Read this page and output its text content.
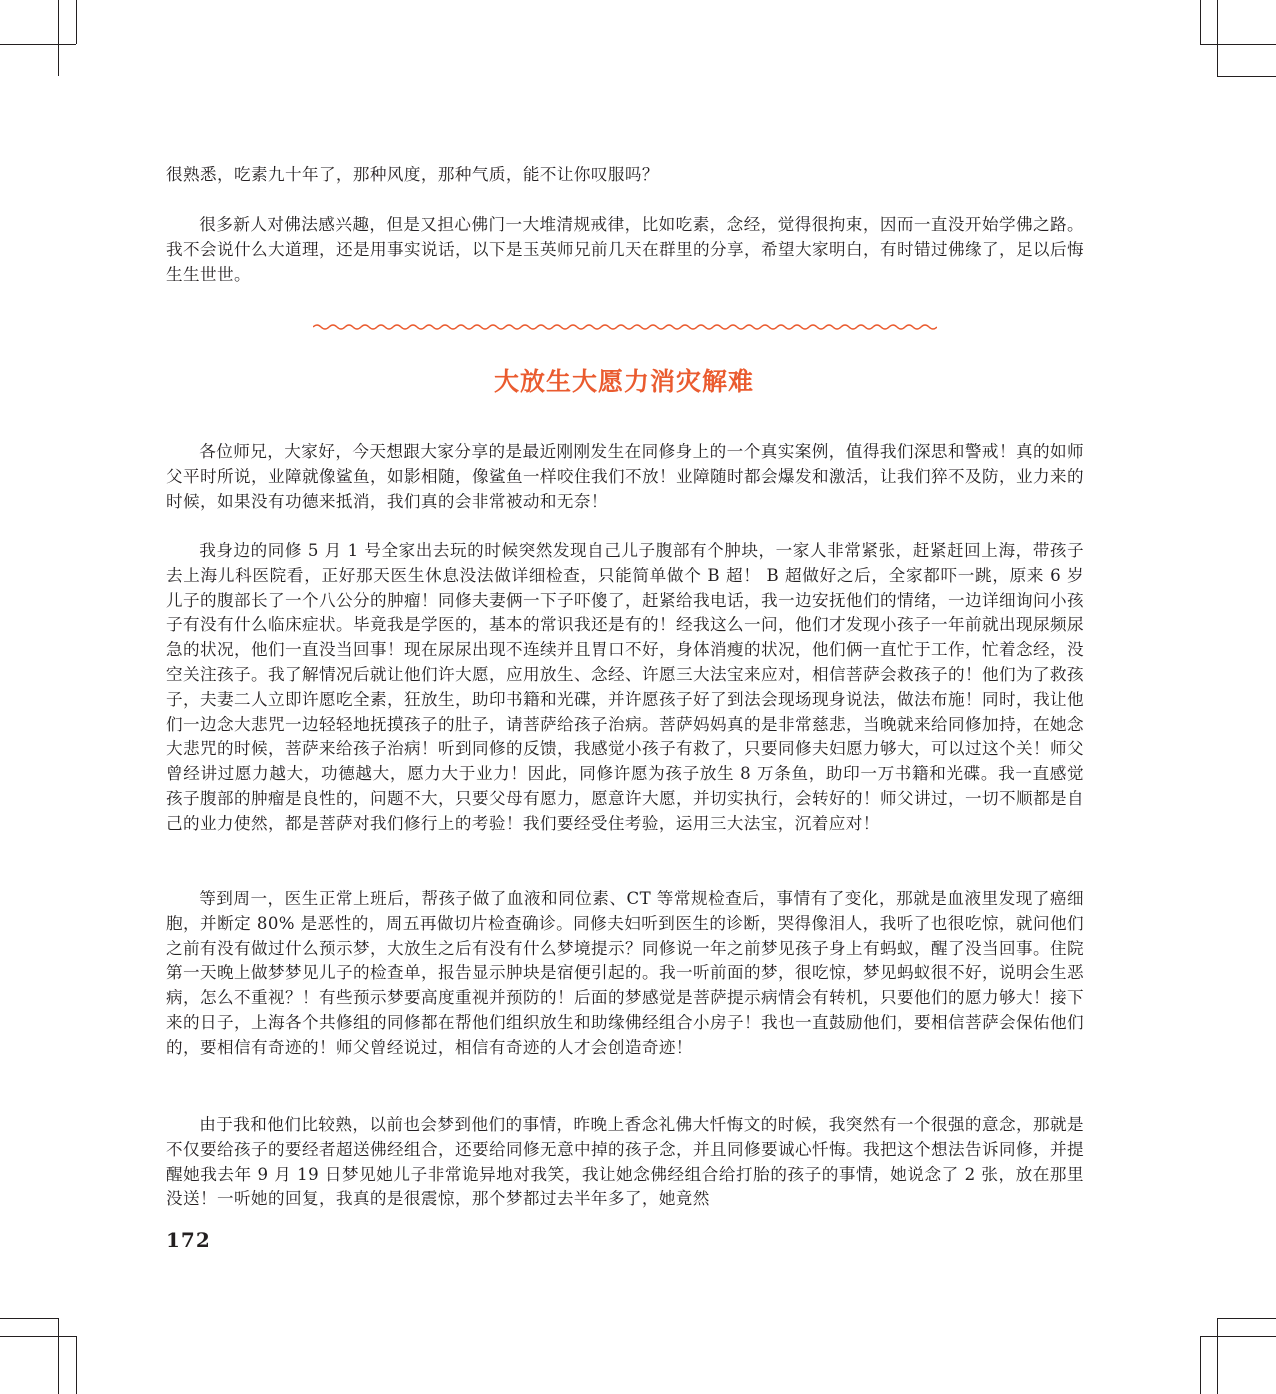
很熟悉，吃素九十年了，那种风度，那种气质，能不让你叹服吗？

很多新人对佛法感兴趣，但是又担心佛门一大堆清规戒律，比如吃素，念经，觉得很拘束，因而一直没开始学佛之路。我不会说什么大道理，还是用事实说话，以下是玉英师兄前几天在群里的分享，希望大家明白，有时错过佛缘了，足以后悔生生世世。

大放生大愿力消灾解难

各位师兄，大家好，今天想跟大家分享的是最近刚刚发生在同修身上的一个真实案例，值得我们深思和警戒！真的如师父平时所说，业障就像鲨鱼，如影相随，像鲨鱼一样咬住我们不放！业障随时都会爆发和激活，让我们猝不及防，业力来的时候，如果没有功德来抵消，我们真的会非常被动和无奈！

我身边的同修 5 月 1 号全家出去玩的时候突然发现自己儿子腹部有个肿块，一家人非常紧张，赶紧赶回上海，带孩子去上海儿科医院看，正好那天医生休息没法做详细检查，只能简单做个 B 超！ B 超做好之后，全家都吓一跳，原来 6 岁儿子的腹部长了一个八公分的肿瘤！同修夫妻俩一下子吓傻了，赶紧给我电话，我一边安抚他们的情绪，一边详细询问小孩子有没有什么临床症状。毕竟我是学医的，基本的常识我还是有的！经我这么一问，他们才发现小孩子一年前就出现尿频尿急的状况，他们一直没当回事！现在尿尿出现不连续并且胃口不好，身体消瘦的状况，他们俩一直忙于工作，忙着念经，没空关注孩子。我了解情况后就让他们许大愿，应用放生、念经、许愿三大法宝来应对，相信菩萨会救孩子的！他们为了救孩子，夫妻二人立即许愿吃全素，狂放生，助印书籍和光碟，并许愿孩子好了到法会现场现身说法，做法布施！同时，我让他们一边念大悲咒一边轻轻地抚摸孩子的肚子，请菩萨给孩子治病。菩萨妈妈真的是非常慈悲，当晚就来给同修加持，在她念大悲咒的时候，菩萨来给孩子治病！听到同修的反馈，我感觉小孩子有救了，只要同修夫妇愿力够大，可以过这个关！师父曾经讲过愿力越大，功德越大，愿力大于业力！因此，同修许愿为孩子放生 8 万条鱼，助印一万书籍和光碟。我一直感觉孩子腹部的肿瘤是良性的，问题不大，只要父母有愿力，愿意许大愿，并切实执行，会转好的！师父讲过，一切不顺都是自己的业力使然，都是菩萨对我们修行上的考验！我们要经受住考验，运用三大法宝，沉着应对！

等到周一，医生正常上班后，帮孩子做了血液和同位素、CT 等常规检查后，事情有了变化，那就是血液里发现了癌细胞，并断定 80% 是恶性的，周五再做切片检查确诊。同修夫妇听到医生的诊断，哭得像泪人，我听了也很吃惊，就问他们之前有没有做过什么预示梦，大放生之后有没有什么梦境提示？同修说一年之前梦见孩子身上有蚂蚁，醒了没当回事。住院第一天晚上做梦梦见儿子的检查单，报告显示肿块是宿便引起的。我一听前面的梦，很吃惊，梦见蚂蚁很不好，说明会生恶病，怎么不重视？！有些预示梦要高度重视并预防的！后面的梦感觉是菩萨提示病情会有转机，只要他们的愿力够大！接下来的日子，上海各个共修组的同修都在帮他们组织放生和助缘佛经组合小房子！我也一直鼓励他们，要相信菩萨会保佑他们的，要相信有奇迹的！师父曾经说过，相信有奇迹的人才会创造奇迹！

由于我和他们比较熟，以前也会梦到他们的事情，昨晚上香念礼佛大忏悔文的时候，我突然有一个很强的意念，那就是不仅要给孩子的要经者超送佛经组合，还要给同修无意中掉的孩子念，并且同修要诚心忏悔。我把这个想法告诉同修，并提醒她我去年 9 月 19 日梦见她儿子非常诡异地对我笑，我让她念佛经组合给打胎的孩子的事情，她说念了 2 张，放在那里没送！一听她的回复，我真的是很震惊，那个梦都过去半年多了，她竟然

172
